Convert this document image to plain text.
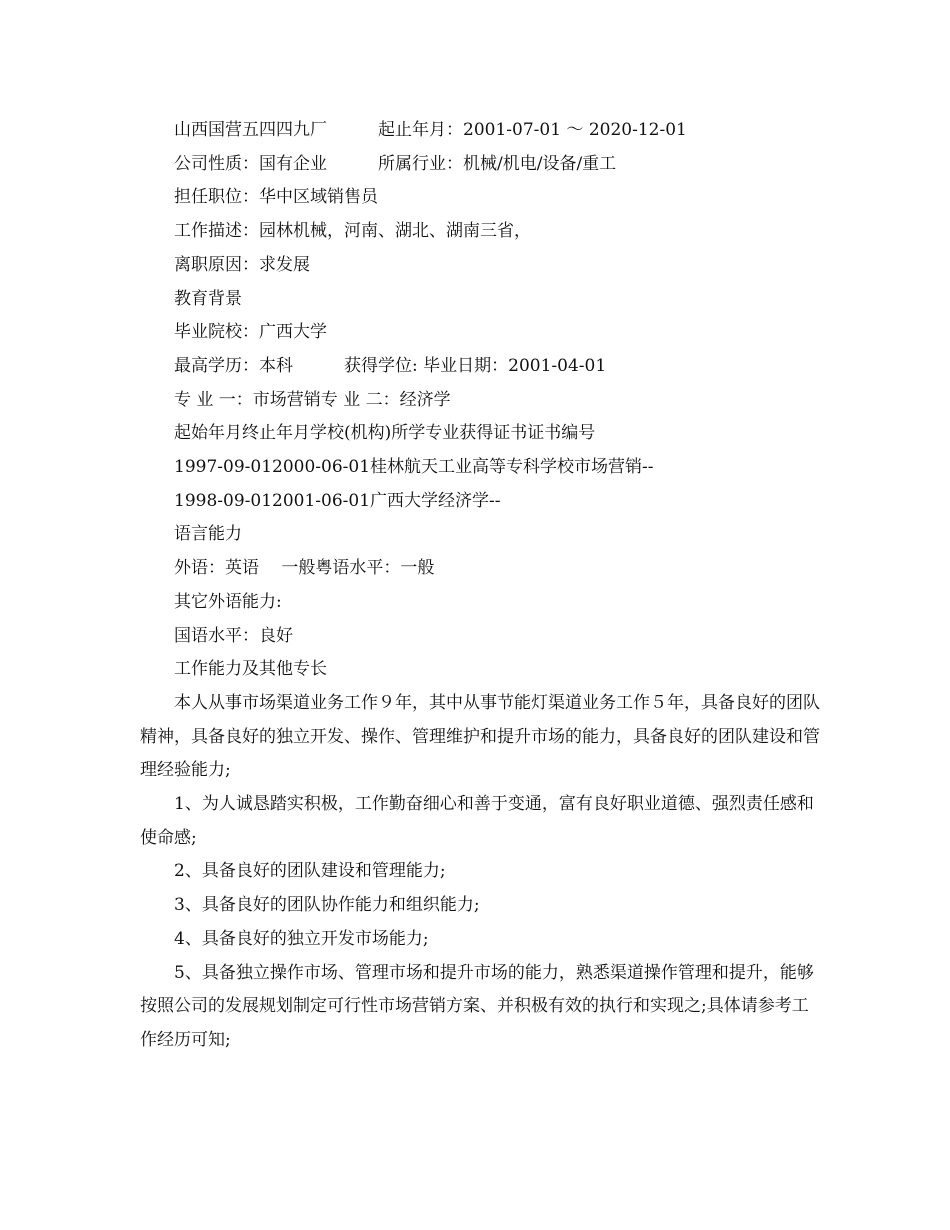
山西国营五四四九厂　　　起止年月：2001-07-01 ～ 2020-12-01

公司性质：国有企业　　　所属行业：机械/机电/设备/重工

担任职位：华中区域销售员

工作描述：园林机械，河南、湖北、湖南三省，

离职原因：求发展

教育背景

毕业院校：广西大学

最高学历：本科　　　获得学位: 毕业日期：2001-04-01

专 业 一：市场营销专 业 二：经济学

起始年月终止年月学校(机构)所学专业获得证书证书编号

1997-09-012000-06-01桂林航天工业高等专科学校市场营销--

1998-09-012001-06-01广西大学经济学--

语言能力

外语：英语　 一般粤语水平：一般

其它外语能力:

国语水平：良好

工作能力及其他专长

本人从事市场渠道业务工作９年，其中从事节能灯渠道业务工作５年，具备良好的团队精神，具备良好的独立开发、操作、管理维护和提升市场的能力，具备良好的团队建设和管理经验能力;

1、为人诚恳踏实积极，工作勤奋细心和善于变通，富有良好职业道德、强烈责任感和使命感;

2、具备良好的团队建设和管理能力;

3、具备良好的团队协作能力和组织能力;

4、具备良好的独立开发市场能力;

5、具备独立操作市场、管理市场和提升市场的能力，熟悉渠道操作管理和提升，能够按照公司的发展规划制定可行性市场营销方案、并积极有效的执行和实现之;具体请参考工作经历可知;
